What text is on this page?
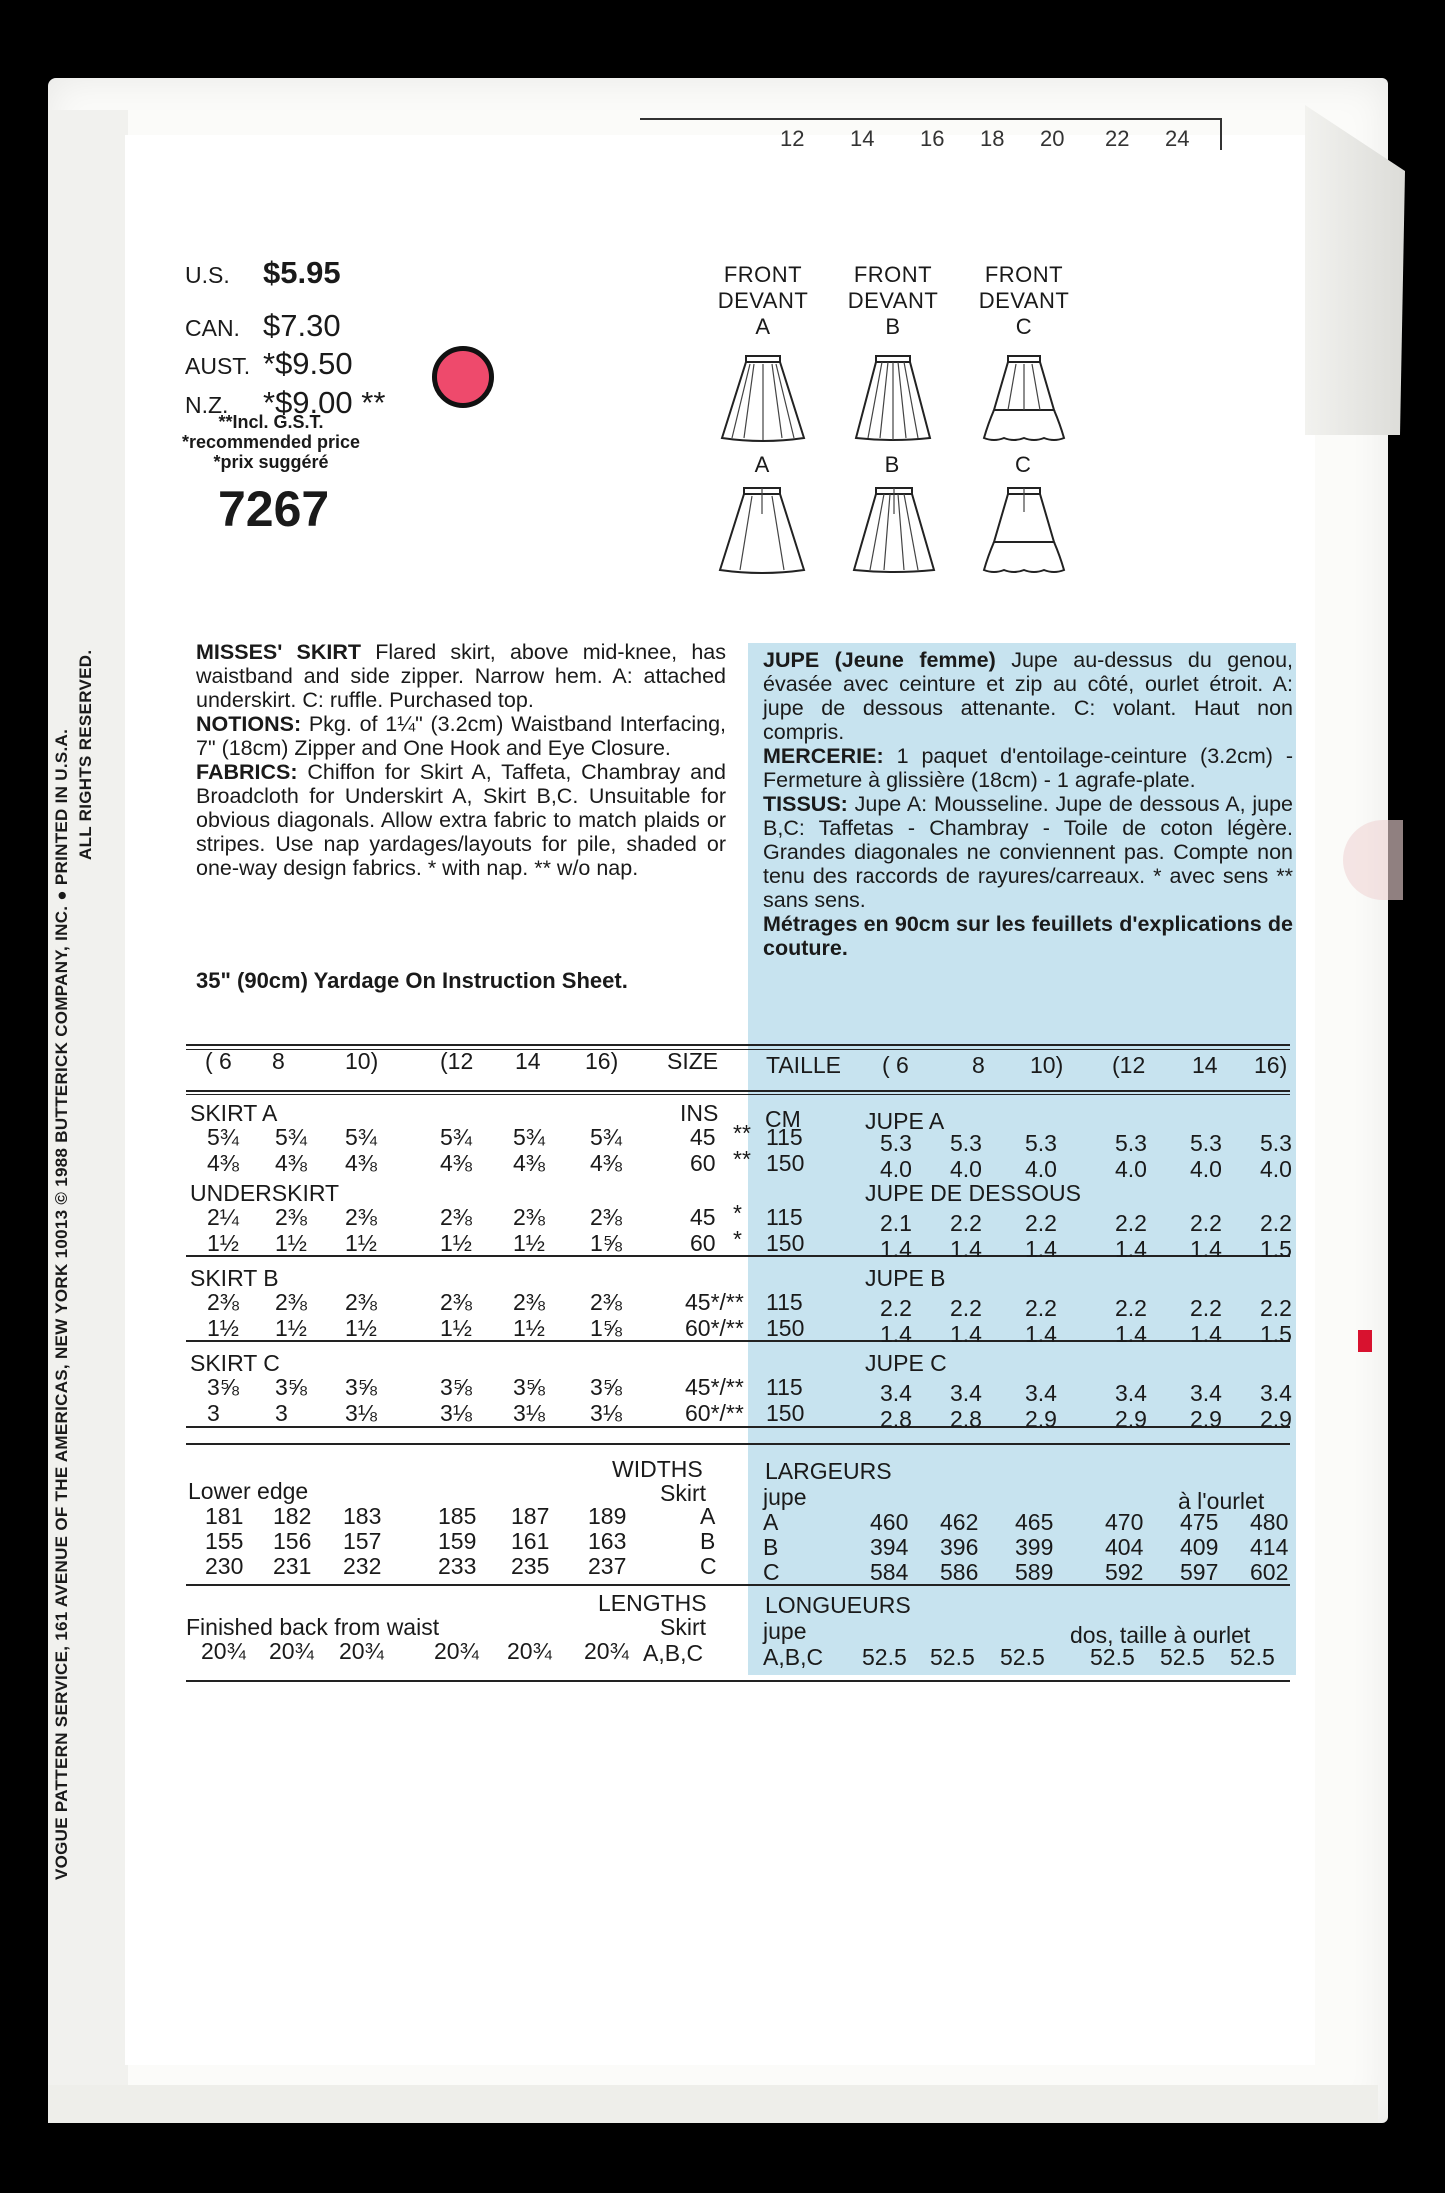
12 14 16 18 20 22 24
VOGUE PATTERN SERVICE, 161 AVENUE OF THE AMERICAS, NEW YORK 10013 © 1988 BUTTERICK COMPANY, INC. ● PRINTED IN U.S.A. ALL RIGHTS RESERVED.
U.S. $5.95
CAN. $7.30
AUST. *$9.50
N.Z. *$9.00 **
**Incl. G.S.T.
*recommended price
*prix suggéré
7267
FRONT
DEVANT
A
FRONT
DEVANT
B
FRONT
DEVANT
C
A	B	C
MISSES' SKIRT Flared skirt, above mid-knee, has waistband and side zipper. Narrow hem. A: attached underskirt. C: ruffle. Purchased top.
NOTIONS: Pkg. of 1¼" (3.2cm) Waistband Interfacing, 7" (18cm) Zipper and One Hook and Eye Closure.
FABRICS: Chiffon for Skirt A, Taffeta, Chambray and Broadcloth for Underskirt A, Skirt B,C. Unsuitable for obvious diagonals. Allow extra fabric to match plaids or stripes. Use nap yardages/layouts for pile, shaded or one-way design fabrics. * with nap. ** w/o nap.
35" (90cm) Yardage On Instruction Sheet.
JUPE (Jeune femme) Jupe au-dessus du genou, évasée avec ceinture et zip au côté, ourlet étroit. A: jupe de dessous attenante. C: volant. Haut non compris.
MERCERIE: 1 paquet d'entoilage-ceinture (3.2cm) - Fermeture à glissière (18cm) - 1 agrafe-plate.
TISSUS: Jupe A: Mousseline. Jupe de dessous A, jupe B,C: Taffetas - Chambray - Toile de coton légère. Grandes diagonales ne conviennent pas. Compte non tenu des raccords de rayures/carreaux. * avec sens ** sans sens.
Métrages en 90cm sur les feuillets d'explications de couture.
( 6 8	10)	(12 14 16) SIZE TAILLE ( 6	8 10) (12 14 16)
SKIRT A	JUPE A
INS CM
5¾ 5¾ 5¾	5¾ 5¾ 5¾	45 ** 115	5.3 5.3 5.3	5.3 5.3 5.3
4⅜ 4⅜ 4⅜	4⅜ 4⅜ 4⅜	60 ** 150	4.0 4.0 4.0	4.0 4.0 4.0
UNDERSKIRT	JUPE DE DESSOUS
2¼ 2⅜ 2⅜	2⅜ 2⅜ 2⅜	45 * 115	2.1 2.2 2.2	2.2 2.2 2.2
1½ 1½ 1½	1½ 1½ 1⅝	60 * 150	1.4 1.4 1.4	1.4 1.4 1.5
SKIRT B	JUPE B
2⅜ 2⅜ 2⅜	2⅜ 2⅜ 2⅜	45*/** 115	2.2 2.2 2.2	2.2 2.2 2.2
1½ 1½ 1½	1½ 1½ 1⅝	60*/** 150	1.4 1.4 1.4	1.4 1.4 1.5
SKIRT C	JUPE C
3⅝ 3⅝ 3⅝	3⅝ 3⅝ 3⅝	45*/** 115	3.4 3.4 3.4	3.4 3.4 3.4
3 3 3⅛	3⅛ 3⅛ 3⅛	60*/** 150	2.8 2.8 2.9	2.9 2.9 2.9
WIDTHS
Skirt
Lower edge
LARGEURS
jupe	à l'ourlet
181 182 183 185 187 189	A A	460 462 465 470 475 480
155 156 157 159 161 163	B B	394 396 399 404 409 414
230 231 232 233 235 237	C C	584 586 589 592 597 602
LENGTHS
Skirt
Finished back from waist
LONGUEURS
jupe	dos, taille à ourlet
20¾ 20¾ 20¾ 20¾ 20¾ 20¾ A,B,C	A,B,C 52.5 52.5 52.5 52.5 52.5 52.5
